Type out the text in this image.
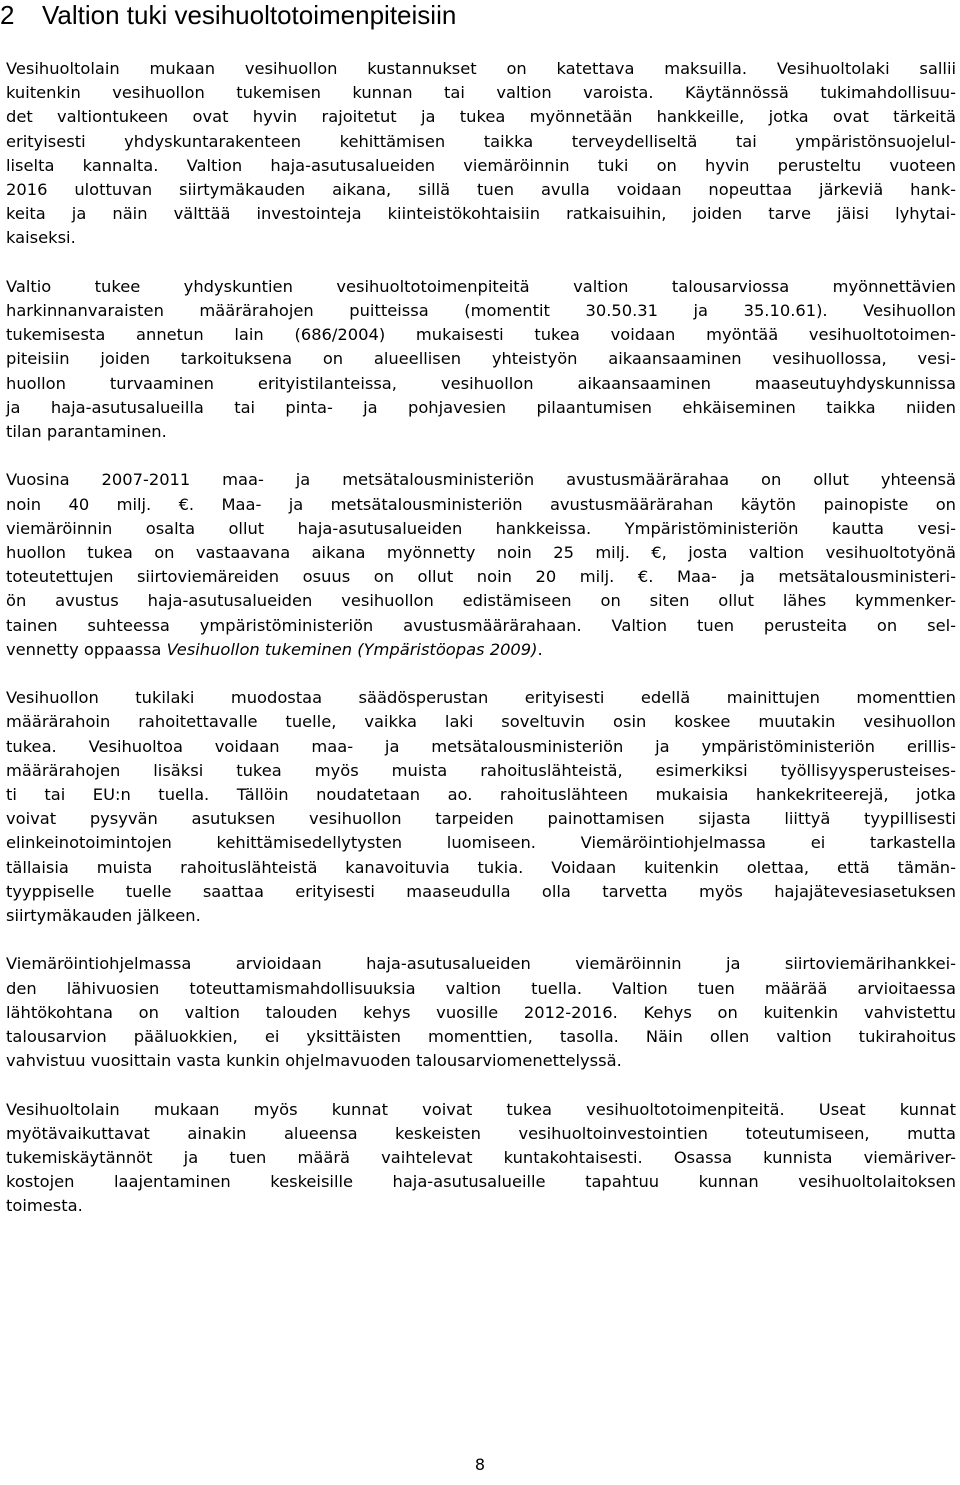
2 Valtion tuki vesihuoltotoimenpiteisiin

Vesihuoltolain mukaan vesihuollon kustannukset on katettava maksuilla. Vesihuoltolaki sallii
kuitenkin vesihuollon tukemisen kunnan tai valtion varoista. Käytännössä tukimahdollisuu-
det valtiontukeen ovat hyvin rajoitetut ja tukea myönnetään hankkeille, jotka ovat tärkeitä
erityisesti yhdyskuntarakenteen kehittämisen taikka terveydelliseltä tai ympäristönsuojelul-
liselta kannalta. Valtion haja-asutusalueiden viemäröinnin tuki on hyvin perusteltu vuoteen
2016 ulottuvan siirtymäkauden aikana, sillä tuen avulla voidaan nopeuttaa järkeviä hank-
keita ja näin välttää investointeja kiinteistökohtaisiin ratkaisuihin, joiden tarve jäisi lyhytai-
kaiseksi.

Valtio tukee yhdyskuntien vesihuoltotoimenpiteitä valtion talousarviossa myönnettävien
harkinnanvaraisten määrärahojen puitteissa (momentit 30.50.31 ja 35.10.61). Vesihuollon
tukemisesta annetun lain (686/2004) mukaisesti tukea voidaan myöntää vesihuoltotoimen-
piteisiin joiden tarkoituksena on alueellisen yhteistyön aikaansaaminen vesihuollossa, vesi-
huollon turvaaminen erityistilanteissa, vesihuollon aikaansaaminen maaseutuyhdyskunnissa
ja haja-asutusalueilla tai pinta- ja pohjavesien pilaantumisen ehkäiseminen taikka niiden
tilan parantaminen.

Vuosina 2007-2011 maa- ja metsätalousministeriön avustusmäärärahaa on ollut yhteensä
noin 40 milj. €. Maa- ja metsätalousministeriön avustusmäärärahan käytön painopiste on
viemäröinnin osalta ollut haja-asutusalueiden hankkeissa. Ympäristöministeriön kautta vesi-
huollon tukea on vastaavana aikana myönnetty noin 25 milj. €, josta valtion vesihuoltotyönä
toteutettujen siirtoviemäreiden osuus on ollut noin 20 milj. €. Maa- ja metsätalousministeri-
ön avustus haja-asutusalueiden vesihuollon edistämiseen on siten ollut lähes kymmenker-
tainen suhteessa ympäristöministeriön avustusmäärärahaan. Valtion tuen perusteita on sel-
vennetty oppaassa Vesihuollon tukeminen (Ympäristöopas 2009).

Vesihuollon tukilaki muodostaa säädösperustan erityisesti edellä mainittujen momenttien
määrärahoin rahoitettavalle tuelle, vaikka laki soveltuvin osin koskee muutakin vesihuollon
tukea. Vesihuoltoa voidaan maa- ja metsätalousministeriön ja ympäristöministeriön erillis-
määrärahojen lisäksi tukea myös muista rahoituslähteistä, esimerkiksi työllisyysperusteises-
ti tai EU:n tuella. Tällöin noudatetaan ao. rahoituslähteen mukaisia hankekriteerejä, jotka
voivat pysyvän asutuksen vesihuollon tarpeiden painottamisen sijasta liittyä tyypillisesti
elinkeinotoimintojen kehittämisedellytysten luomiseen. Viemäröintiohjelmassa ei tarkastella
tällaisia muista rahoituslähteistä kanavoituvia tukia. Voidaan kuitenkin olettaa, että tämän-
tyyppiselle tuelle saattaa erityisesti maaseudulla olla tarvetta myös hajajätevesiasetuksen
siirtymäkauden jälkeen.

Viemäröintiohjelmassa arvioidaan haja-asutusalueiden viemäröinnin ja siirtoviemärihankkei-
den lähivuosien toteuttamismahdollisuuksia valtion tuella. Valtion tuen määrää arvioitaessa
lähtökohtana on valtion talouden kehys vuosille 2012-2016. Kehys on kuitenkin vahvistettu
talousarvion pääluokkien, ei yksittäisten momenttien, tasolla. Näin ollen valtion tukirahoitus
vahvistuu vuosittain vasta kunkin ohjelmavuoden talousarviomenettelyssä.

Vesihuoltolain mukaan myös kunnat voivat tukea vesihuoltotoimenpiteitä. Useat kunnat
myötävaikuttavat ainakin alueensa keskeisten vesihuoltoinvestointien toteutumiseen, mutta
tukemiskäytännöt ja tuen määrä vaihtelevat kuntakohtaisesti. Osassa kunnista viemäriver-
kostojen laajentaminen keskeisille haja-asutusalueille tapahtuu kunnan vesihuoltolaitoksen
toimesta.

8
